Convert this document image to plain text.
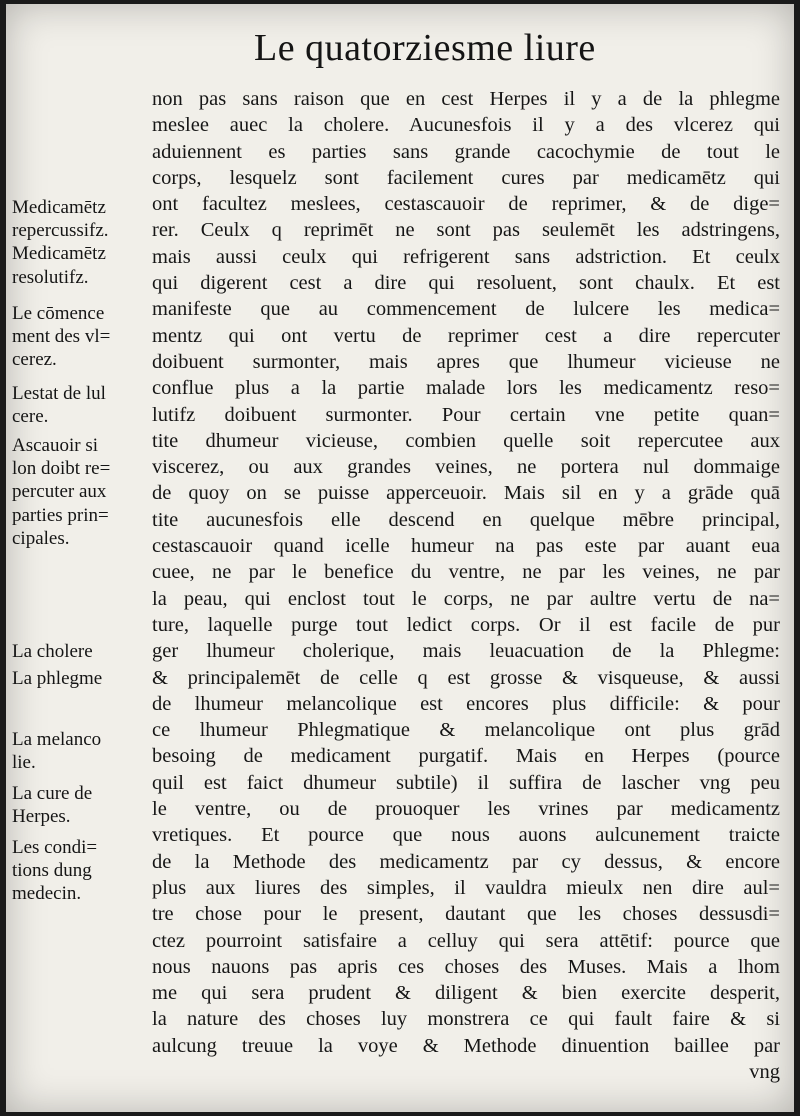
Le quatorziesme liure
non pas sans raison que en cest Herpes il y a de la phlegme
meslee auec la cholere. Aucunesfois il y a des vlcerez qui
aduiennent es parties sans grande cacochymie de tout le
corps, lesquelz sont facilement cures par medicamētz qui
ont facultez meslees, cestascauoir de reprimer, & de dige=
rer. Ceulx q reprimēt ne sont pas seulemēt les adstringens,
mais aussi ceulx qui refrigerent sans adstriction. Et ceulx
qui digerent cest a dire qui resoluent, sont chaulx. Et est
manifeste que au commencement de lulcere les medica=
mentz qui ont vertu de reprimer cest a dire repercuter
doibuent surmonter, mais apres que lhumeur vicieuse ne
conflue plus a la partie malade lors les medicamentz reso=
lutifz doibuent surmonter. Pour certain vne petite quan=
tite dhumeur vicieuse, combien quelle soit repercutee aux
viscerez, ou aux grandes veines, ne portera nul dommaige
de quoy on se puisse apperceuoir. Mais sil en y a grāde quā
tite aucunesfois elle descend en quelque mēbre principal,
cestascauoir quand icelle humeur na pas este par auant eua
cuee, ne par le benefice du ventre, ne par les veines, ne par
la peau, qui enclost tout le corps, ne par aultre vertu de na=
ture, laquelle purge tout ledict corps. Or il est facile de pur
ger lhumeur cholerique, mais leuacuation de la Phlegme:
& principalemēt de celle q est grosse & visqueuse, & aussi
de lhumeur melancolique est encores plus difficile: & pour
ce lhumeur Phlegmatique & melancolique ont plus grād
besoing de medicament purgatif. Mais en Herpes (pource
quil est faict dhumeur subtile) il suffira de lascher vng peu
le ventre, ou de prouoquer les vrines par medicamentz
vretiques. Et pource que nous auons aulcunement traicte
de la Methode des medicamentz par cy dessus, & encore
plus aux liures des simples, il vauldra mieulx nen dire aul=
tre chose pour le present, dautant que les choses dessusdi=
ctez pourroint satisfaire a celluy qui sera attētif: pource que
nous nauons pas apris ces choses des Muses. Mais a lhom
me qui sera prudent & diligent & bien exercite desperit,
la nature des choses luy monstrera ce qui fault faire & si
aulcung treuue la voye & Methode dinuention baillee par
vng
Medicamētz
repercussifz.
Medicamētz
resolutifz.
Le cōmence
ment des vl=
cerez.
Lestat de lul
cere.
Ascauoir si
lon doibt re=
percuter aux
parties prin=
cipales.
La cholere
La phlegme
La melanco
lie.
La cure de
Herpes.
Les condi=
tions dung
medecin.
